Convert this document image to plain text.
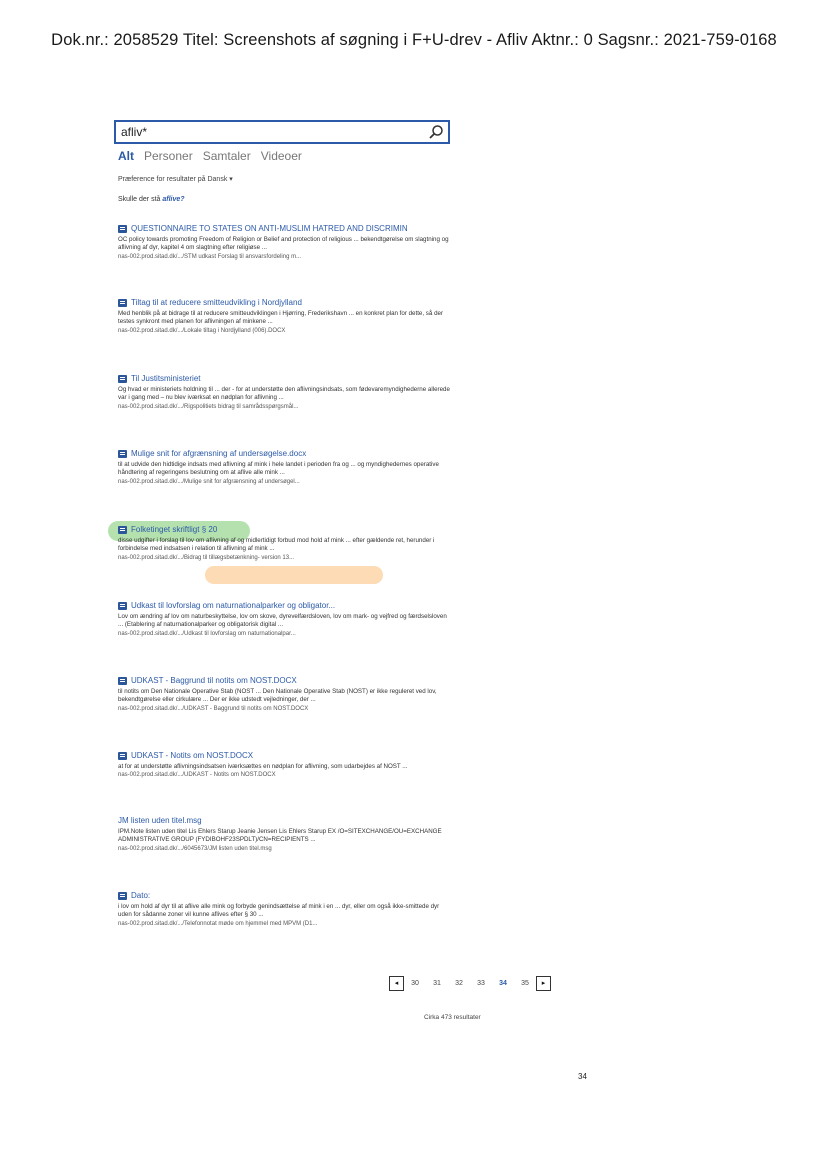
Dok.nr.: 2058529 Titel: Screenshots af søgning i F+U-drev - Afliv Aktnr.: 0 Sagsnr.: 2021-759-0168
afliv*
Alt Personer Samtaler Videoer
Præference for resultater på Dansk ▾
Skulle der stå aflive?
QUESTIONNAIRE TO STATES ON ANTI-MUSLIM HATRED AND DISCRIMIN
OC policy towards promoting Freedom of Religion or Belief and protection of religious ... bekendtgørelse om slagtning og aflivning af dyr, kapitel 4 om slagtning efter religiøse ...
nas-002.prod.sitad.dk/.../STM udkast Forslag til ansvarsfordeling m...
Tiltag til at reducere smitteudvikling i Nordjylland
Med henblik på at bidrage til at reducere smitteudviklingen i Hjørring, Frederikshavn ... en konkret plan for dette, så der testes synkront med planen for aflivningen af minkene ...
nas-002.prod.sitad.dk/.../Lokale tiltag i Nordjylland (006).DOCX
Til Justitsministeriet
Og hvad er ministeriets holdning til ... der - for at understøtte den aflivningsindsats, som fødevaremyndighederne allerede var i gang med – nu blev iværksat en nødplan for aflivning ...
nas-002.prod.sitad.dk/.../Rigspolitiets bidrag til samrådsspørgsmål...
Mulige snit for afgrænsning af undersøgelse.docx
til at udvide den hidtidige indsats med aflivning af mink i hele landet i perioden fra og ... og myndighedernes operative håndtering af regeringens beslutning om at aflive alle mink ...
nas-002.prod.sitad.dk/.../Mulige snit for afgrænsning af undersøgel...
Folketinget skriftligt § 20
disse udgifter i forslag til lov om aflivning af og midlertidigt forbud mod hold af mink ... efter gældende ret, herunder i forbindelse med indsatsen i relation til aflivning af mink ...
nas-002.prod.sitad.dk/.../Bidrag til tillægsbetænkning- version 13...
Udkast til lovforslag om naturnationalparker og obligator...
Lov om ændring af lov om naturbeskyttelse, lov om skove, dyrevelfærdsloven, lov om mark- og vejfred og færdselsloven ... (Etablering af naturnationalparker og obligatorisk digital ...
nas-002.prod.sitad.dk/.../Udkast til lovforslag om naturnationalpar...
UDKAST - Baggrund til notits om NOST.DOCX
til notits om Den Nationale Operative Stab (NOST ... Den Nationale Operative Stab (NOST) er ikke reguleret ved lov, bekendtgørelse eller cirkulære ... Der er ikke udstedt vejledninger, der ...
nas-002.prod.sitad.dk/.../UDKAST - Baggrund til notits om NOST.DOCX
UDKAST - Notits om NOST.DOCX
at for at understøtte aflivningsindsatsen iværksættes en nødplan for aflivning, som udarbejdes af NOST ...
nas-002.prod.sitad.dk/.../UDKAST - Notits om NOST.DOCX
JM listen uden titel.msg
IPM.Note listen uden titel Lis Ehlers Starup Jeanie Jensen Lis Ehlers Starup EX /O=SITEXCHANGE/OU=EXCHANGE ADMINISTRATIVE GROUP (FYDIBOHF23SPDLT)/CN=RECIPIENTS ...
nas-002.prod.sitad.dk/.../6045673/JM listen uden titel.msg
Dato:
i lov om hold af dyr til at aflive alle mink og forbyde genindsættelse af mink i en ... dyr, eller om også ikke-smittede dyr uden for sådanne zoner vil kunne aflives efter § 30 ...
nas-002.prod.sitad.dk/.../Telefonnotat møde om hjemmel med MPVM (D1...
◂	30	31	32	33	34	35	▸
Cirka 473 resultater
34
